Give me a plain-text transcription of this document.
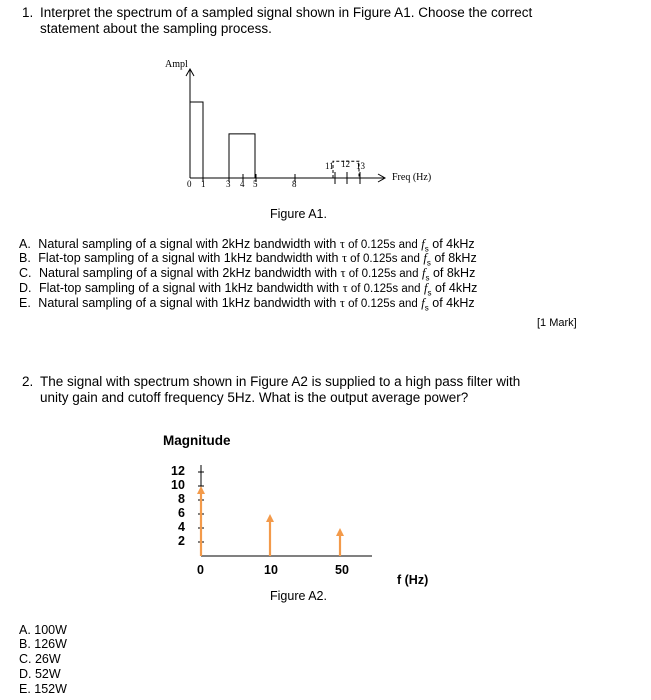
1. Interpret the spectrum of a sampled signal shown in Figure A1. Choose the correct
statement about the sampling process.
Ampl
Freq (Hz)
0 1 3 4 5	8
11 12 13
Figure A1.
A. Natural sampling of a signal with 2kHz bandwidth with τ of 0.125s and $f_s$ of 4kHz
B. Flat-top sampling of a signal with 1kHz bandwidth with τ of 0.125s and $f_s$ of 8kHz
C. Natural sampling of a signal with 2kHz bandwidth with τ of 0.125s and $f_s$ of 8kHz
D. Flat-top sampling of a signal with 1kHz bandwidth with τ of 0.125s and $f_s$ of 4kHz
E. Natural sampling of a signal with 1kHz bandwidth with τ of 0.125s and $f_s$ of 4kHz
[1 Mark]
2. The signal with spectrum shown in Figure A2 is supplied to a high pass filter with
unity gain and cutoff frequency 5Hz. What is the output average power?
Magnitude
12
10
8
6
4
2
0	10	50
f (Hz)
Figure A2.
A. 100W
B. 126W
C. 26W
D. 52W
E. 152W
